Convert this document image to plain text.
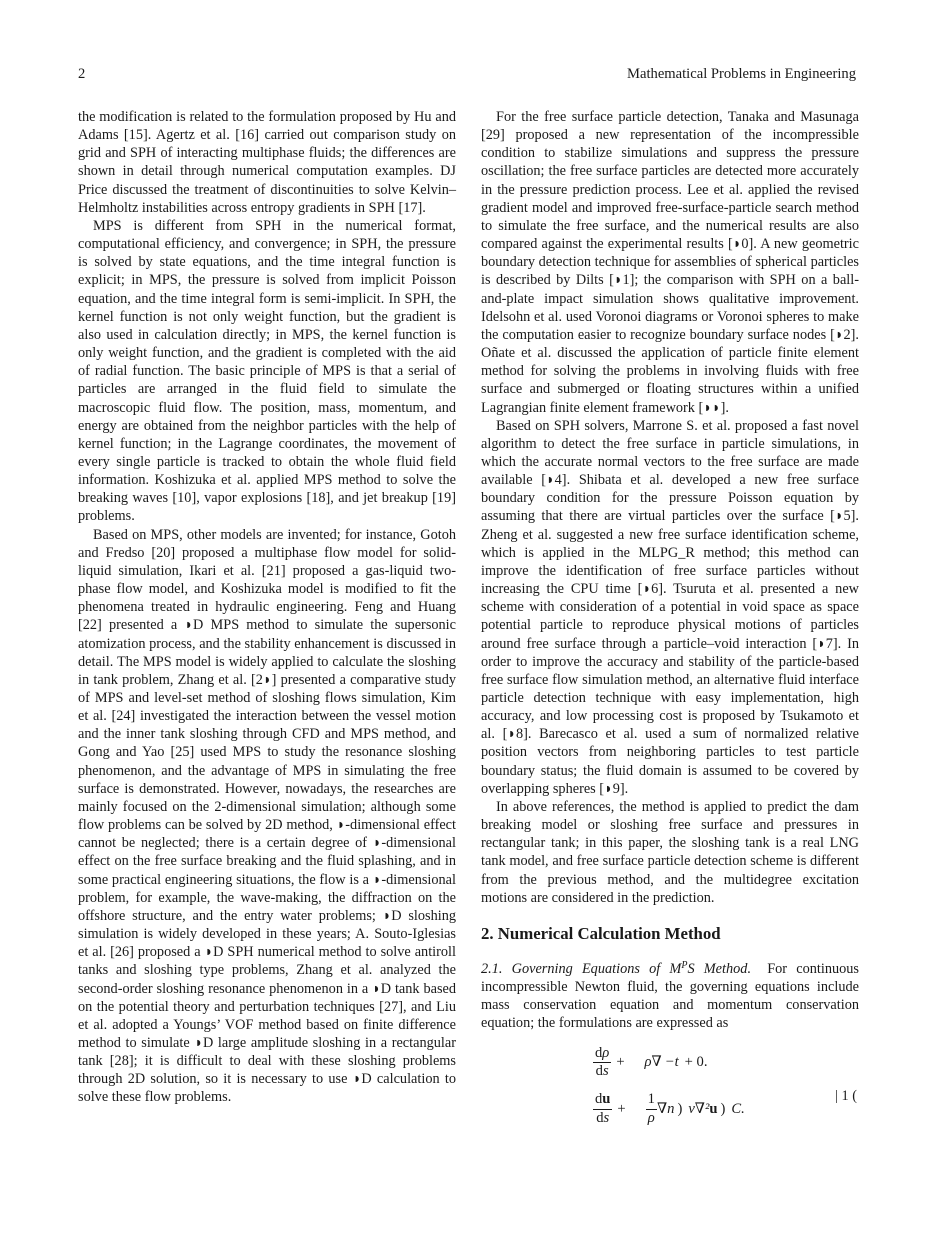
2	Mathematical Problems in Engineering

the modification is related to the formulation proposed by Hu and Adams [15]. Agertz et al. [16] carried out comparison study on grid and SPH of interacting multiphase fluids; the differences are shown in detail through numerical computation examples. DJ Price discussed the treatment of discontinuities to solve Kelvin–Helmholtz instabilities across entropy gradients in SPH [17].

MPS is different from SPH in the numerical format, computational efficiency, and convergence; in SPH, the pressure is solved by state equations, and the time integral function is explicit; in MPS, the pressure is solved from implicit Poisson equation, and the time integral form is semi-implicit. In SPH, the kernel function is not only weight function, but the gradient is also used in calculation directly; in MPS, the kernel function is only weight function, and the gradient is completed with the aid of radial function. The basic principle of MPS is that a serial of particles are arranged in the fluid field to simulate the macroscopic fluid flow. The position, mass, momentum, and energy are obtained from the neighbor particles with the help of kernel function; in the Lagrange coordinates, the movement of every single particle is tracked to obtain the whole fluid field information. Koshizuka et al. applied MPS method to solve the breaking waves [10], vapor explosions [18], and jet breakup [19] problems.

Based on MPS, other models are invented; for instance, Gotoh and Fredso [20] proposed a multiphase flow model for solid-liquid simulation, Ikari et al. [21] proposed a gas-liquid two-phase flow model, and Koshizuka model is modified to fit the phenomena treated in hydraulic engineering. Feng and Huang [22] presented a ◗D MPS method to simulate the supersonic atomization process, and the stability enhancement is discussed in detail. The MPS model is widely applied to calculate the sloshing in tank problem, Zhang et al. [2◗] presented a comparative study of MPS and level-set method of sloshing flows simulation, Kim et al. [24] investigated the interaction between the vessel motion and the inner tank sloshing through CFD and MPS method, and Gong and Yao [25] used MPS to study the resonance sloshing phenomenon, and the advantage of MPS in simulating the free surface is demonstrated. However, nowadays, the researches are mainly focused on the 2-dimensional simulation; although some flow problems can be solved by 2D method, ◗-dimensional effect cannot be neglected; there is a certain degree of ◗-dimensional effect on the free surface breaking and the fluid splashing, and in some practical engineering situations, the flow is a ◗-dimensional problem, for example, the wave-making, the diffraction on the offshore structure, and the entry water problems; ◗D sloshing simulation is widely developed in these years; A. Souto-Iglesias et al. [26] proposed a ◗D SPH numerical method to solve antiroll tanks and sloshing type problems, Zhang et al. analyzed the second-order sloshing resonance phenomenon in a ◗D tank based on the potential theory and perturbation techniques [27], and Liu et al. adopted a Youngs’ VOF method based on finite difference method to simulate ◗D large amplitude sloshing in a rectangular tank [28]; it is difficult to deal with these sloshing problems through 2D solution, so it is necessary to use ◗D calculation to solve these flow problems.

For the free surface particle detection, Tanaka and Masunaga [29] proposed a new representation of the incompressible condition to stabilize simulations and suppress the pressure oscillation; the free surface particles are detected more accurately in the pressure prediction process. Lee et al. applied the revised gradient model and improved free-surface-particle search method to simulate the free surface, and the numerical results are also compared against the experimental results [◗0]. A new geometric boundary detection technique for assemblies of spherical particles is described by Dilts [◗1]; the comparison with SPH on a ball-and-plate impact simulation shows qualitative improvement. Idelsohn et al. used Voronoi diagrams or Voronoi spheres to make the computation easier to recognize boundary surface nodes [◗2]. Oñate et al. discussed the application of particle finite element method for solving the problems in involving fluids with free surface and submerged or floating structures within a unified Lagrangian finite element framework [◗◗].

Based on SPH solvers, Marrone S. et al. proposed a fast novel algorithm to detect the free surface in particle simulations, in which the accurate normal vectors to the free surface are made available [◗4]. Shibata et al. developed a new free surface boundary condition for the pressure Poisson equation by assuming that there are virtual particles over the surface [◗5]. Zheng et al. suggested a new free surface identification scheme, which is applied in the MLPG_R method; this method can improve the identification of free surface particles without increasing the CPU time [◗6]. Tsuruta et al. presented a new scheme with consideration of a potential in void space as space potential particle to reproduce physical motions of particles around free surface through a particle–void interaction [◗7]. In order to improve the accuracy and stability of the particle-based free surface flow simulation method, an alternative fluid interface particle detection technique with easy implementation, high accuracy, and low processing cost is proposed by Tsukamoto et al. [◗8]. Barecasco et al. used a sum of normalized relative position vectors from neighboring particles to test particle boundary status; the fluid domain is assumed to be covered by overlapping spheres [◗9].

In above references, the method is applied to predict the dam breaking model or sloshing free surface and pressures in rectangular tank; in this paper, the sloshing tank is a real LNG tank model, and free surface particle detection scheme is different from the previous method, and the multidegree excitation motions are considered in the prediction.

2. Numerical Calculation Method

2.1. Governing Equations of $M^PS$ Method. For continuous incompressible Newton fluid, the governing equations include mass conservation equation and momentum conservation equation; the formulations are expressed as

$\frac{d\rho}{ds} + \rho\nabla -t + 0$.
$\frac{du}{ds} + \frac{1}{\rho} \nabla n$ ) ν∇² u ) C.
| 1 (
